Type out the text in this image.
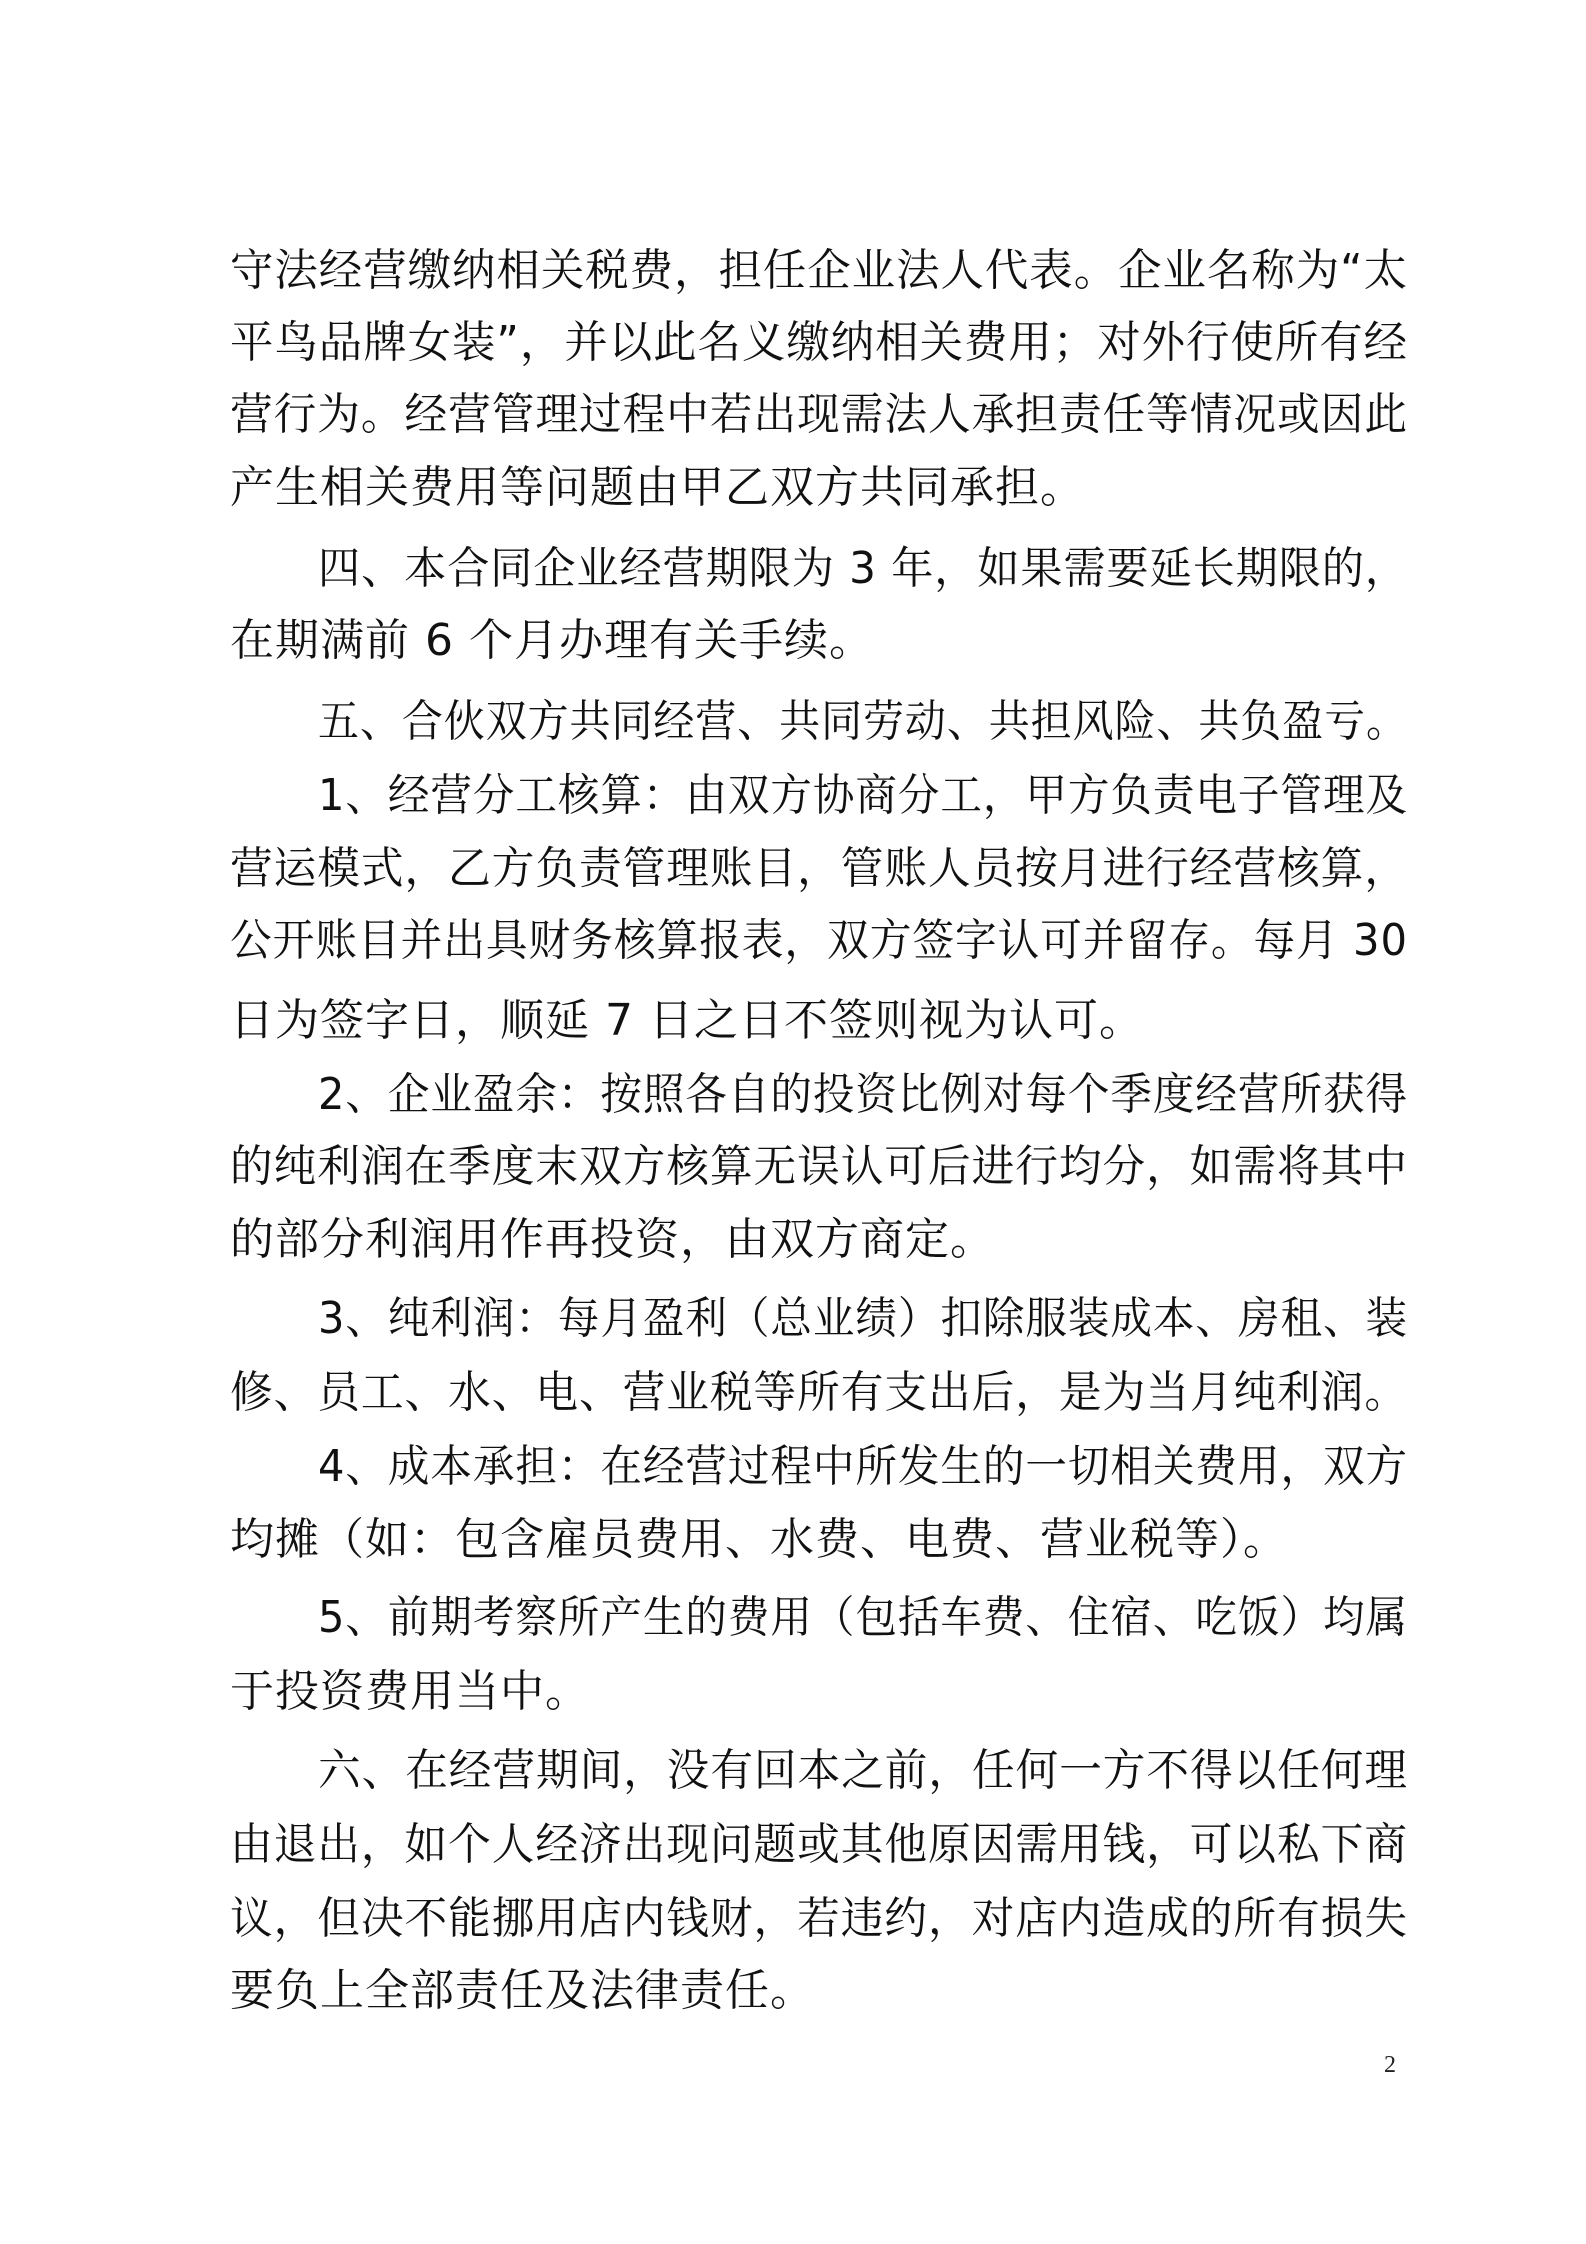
守法经营缴纳相关税费，担任企业法人代表。企业名称为“太
平鸟品牌女装”，并以此名义缴纳相关费用；对外行使所有经
营行为。经营管理过程中若出现需法人承担责任等情况或因此
产生相关费用等问题由甲乙双方共同承担。
四、本合同企业经营期限为 3 年，如果需要延长期限的，
在期满前 6 个月办理有关手续。
五、合伙双方共同经营、共同劳动、共担风险、共负盈亏。
1、经营分工核算：由双方协商分工，甲方负责电子管理及
营运模式，乙方负责管理账目，管账人员按月进行经营核算，
公开账目并出具财务核算报表，双方签字认可并留存。每月 30
日为签字日，顺延 7 日之日不签则视为认可。
2、企业盈余：按照各自的投资比例对每个季度经营所获得
的纯利润在季度末双方核算无误认可后进行均分，如需将其中
的部分利润用作再投资，由双方商定。
3、纯利润：每月盈利（总业绩）扣除服装成本、房租、装
修、员工、水、电、营业税等所有支出后，是为当月纯利润。
4、成本承担：在经营过程中所发生的一切相关费用，双方
均摊（如：包含雇员费用、水费、电费、营业税等）。
5、前期考察所产生的费用（包括车费、住宿、吃饭）均属
于投资费用当中。
六、在经营期间，没有回本之前，任何一方不得以任何理
由退出，如个人经济出现问题或其他原因需用钱，可以私下商
议，但决不能挪用店内钱财，若违约，对店内造成的所有损失
要负上全部责任及法律责任。
2
